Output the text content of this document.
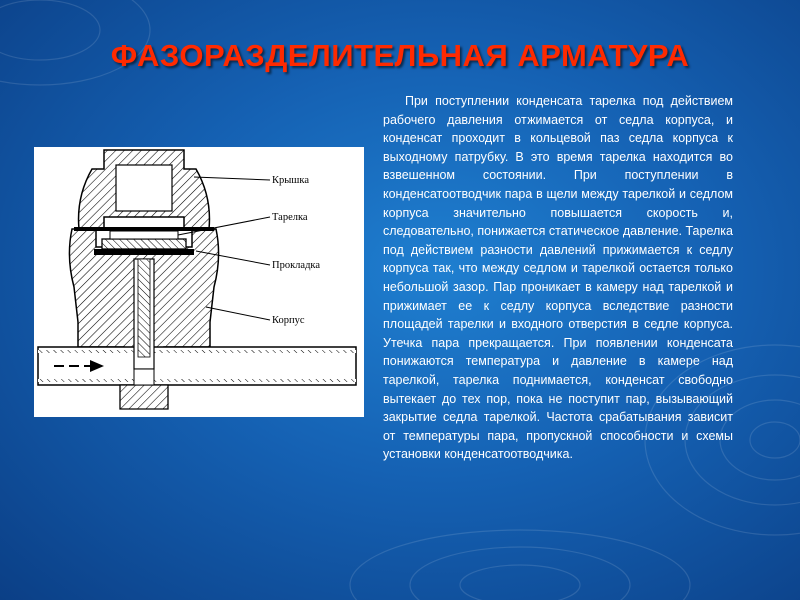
ФАЗОРАЗДЕЛИТЕЛЬНАЯ АРМАТУРА
При поступлении конденсата тарелка под действием рабочего давления отжимается от седла корпуса, и конденсат проходит в кольцевой паз седла корпуса к выходному патрубку. В это время тарелка находится во взвешенном состоянии. При поступлении в конденсатоотводчик пара в щели между тарелкой и седлом корпуса значительно повышается скорость и, следовательно, понижается статическое давление. Тарелка под действием разности давлений прижимается к седлу корпуса так, что между седлом и тарелкой остается только небольшой зазор. Пар проникает в камеру над тарелкой и прижимает ее к седлу корпуса вследствие разности площадей тарелки и входного отверстия в седле корпуса. Утечка пара прекращается. При появлении конденсата понижаются температура и давление в камере над тарелкой, тарелка поднимается, конденсат свободно вытекает до тех пор, пока не поступит пар, вызывающий закрытие седла тарелкой. Частота срабатывания зависит от температуры пара, пропускной способности и схемы установки конденсатоотводчика.
Крышка
Тарелка
Прокладка
Корпус
